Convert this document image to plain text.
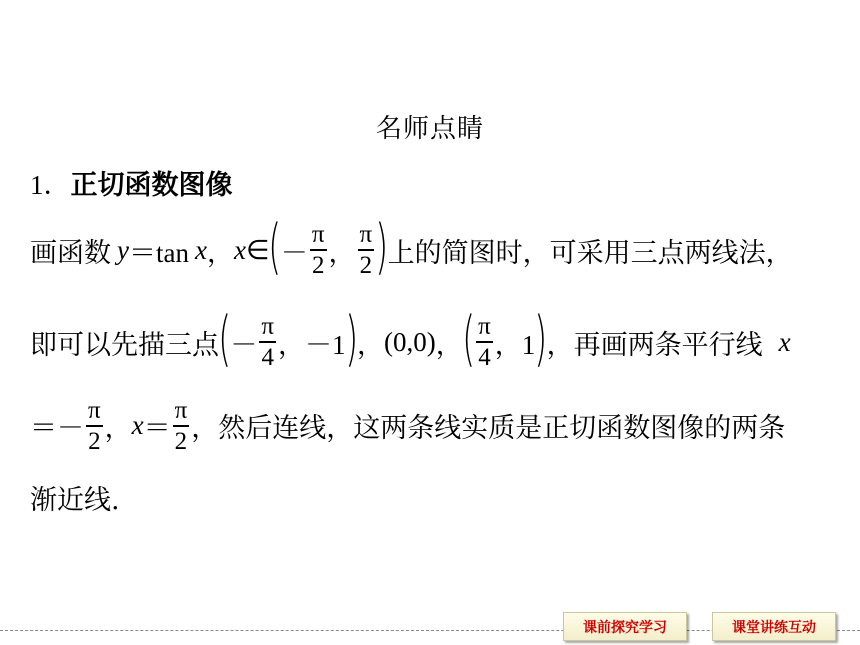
名师点睛
1．正切函数图像
画函数 y ＝tan x ， x ∈ ( － $\frac{\pi}{2}$ ， $\frac{\pi}{2}$ ) 上的简图时，可采用三点两线法，
即可以先描三点 ( － $\frac{\pi}{4}$ ，－1 ) ， (0,0) ， ( $\frac{\pi}{4}$ ，1 ) ，再画两条平行线 x
＝－ $\frac{\pi}{2}$ ， $x = \frac{\pi}{2}$ ，然后连线，这两条线实质是正切函数图像的两条
渐近线.
课前探究学习	课堂讲练互动
